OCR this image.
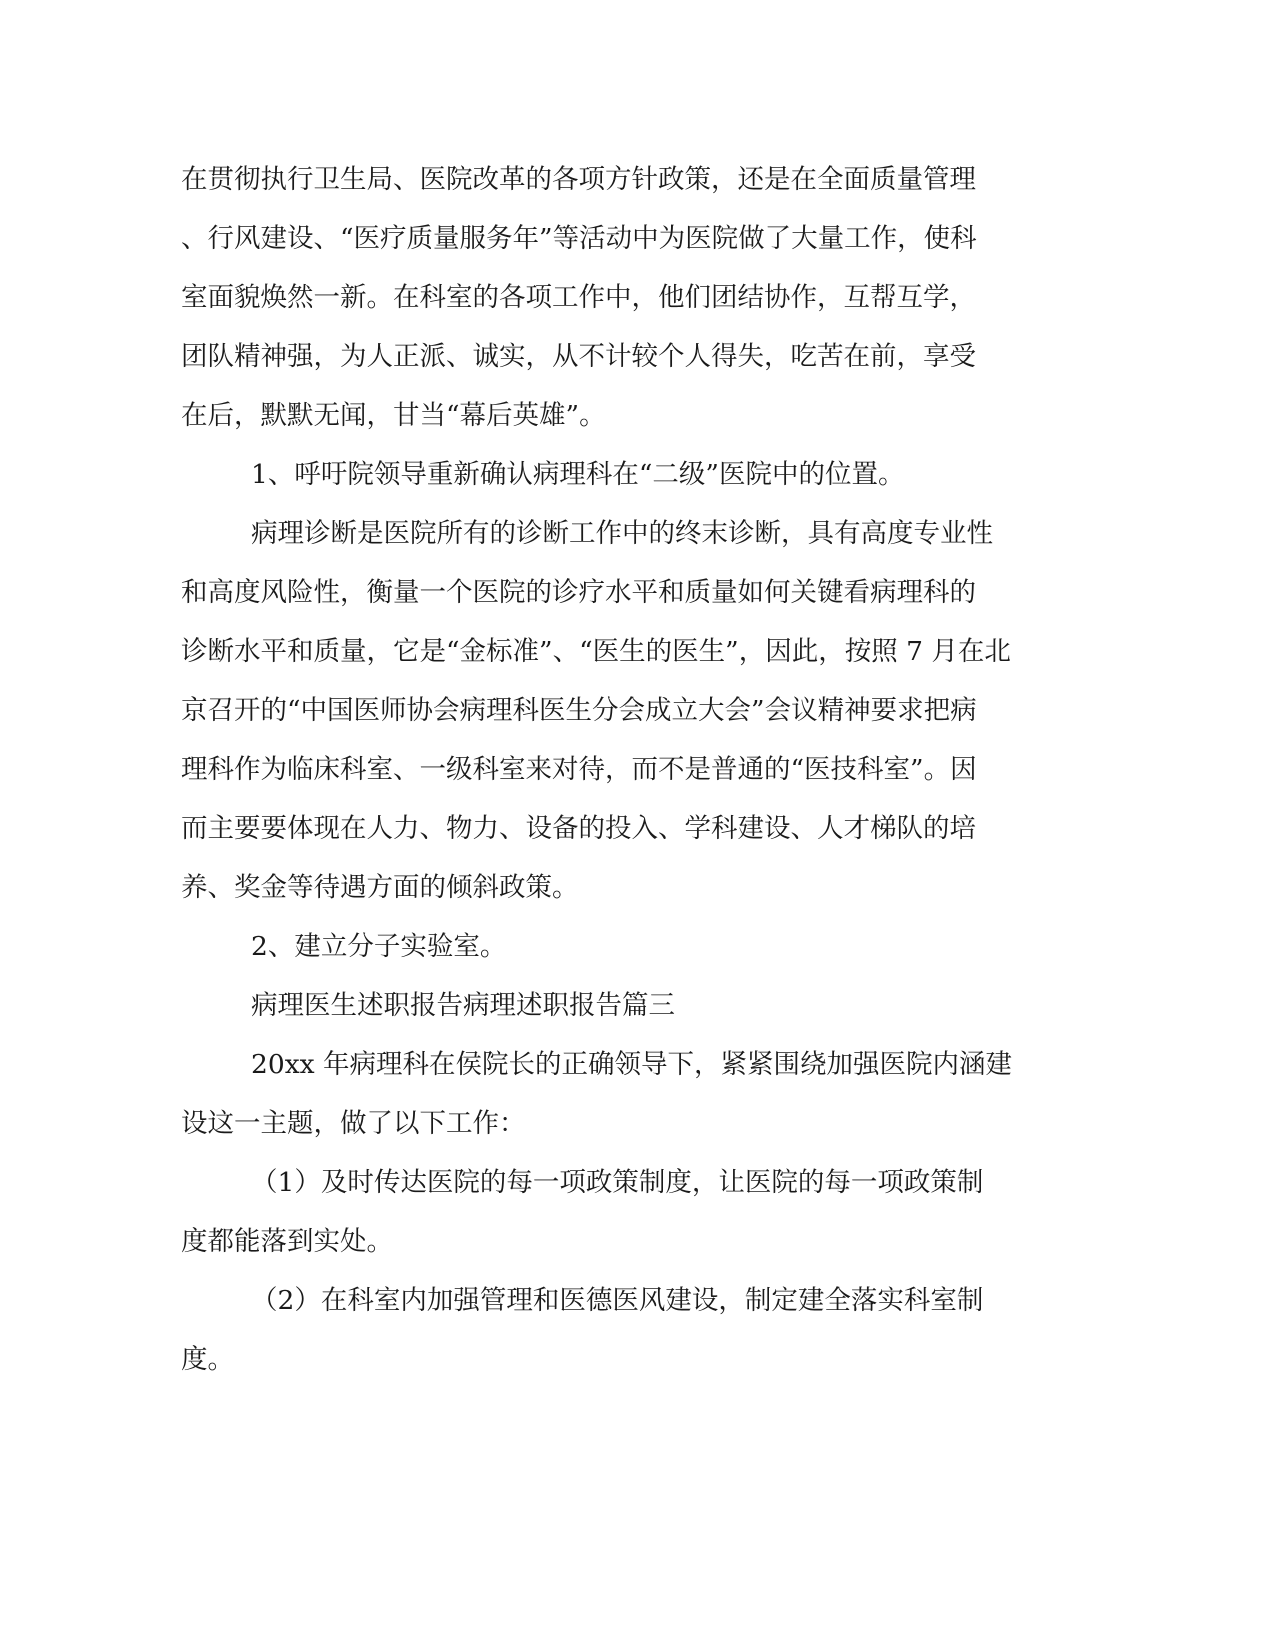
在贯彻执行卫生局、医院改革的各项方针政策，还是在全面质量管理
、行风建设、“医疗质量服务年”等活动中为医院做了大量工作，使科
室面貌焕然一新。在科室的各项工作中，他们团结协作，互帮互学，
团队精神强，为人正派、诚实，从不计较个人得失，吃苦在前，享受
在后，默默无闻，甘当“幕后英雄”。
1、呼吁院领导重新确认病理科在“二级”医院中的位置。
病理诊断是医院所有的诊断工作中的终末诊断，具有高度专业性
和高度风险性，衡量一个医院的诊疗水平和质量如何关键看病理科的
诊断水平和质量，它是“金标准”、“医生的医生”，因此，按照 7 月在北
京召开的“中国医师协会病理科医生分会成立大会”会议精神要求把病
理科作为临床科室、一级科室来对待，而不是普通的“医技科室”。因
而主要要体现在人力、物力、设备的投入、学科建设、人才梯队的培
养、奖金等待遇方面的倾斜政策。
2、建立分子实验室。
病理医生述职报告病理述职报告篇三
20xx 年病理科在侯院长的正确领导下，紧紧围绕加强医院内涵建
设这一主题，做了以下工作：
（1）及时传达医院的每一项政策制度，让医院的每一项政策制
度都能落到实处。
（2）在科室内加强管理和医德医风建设，制定建全落实科室制
度。
